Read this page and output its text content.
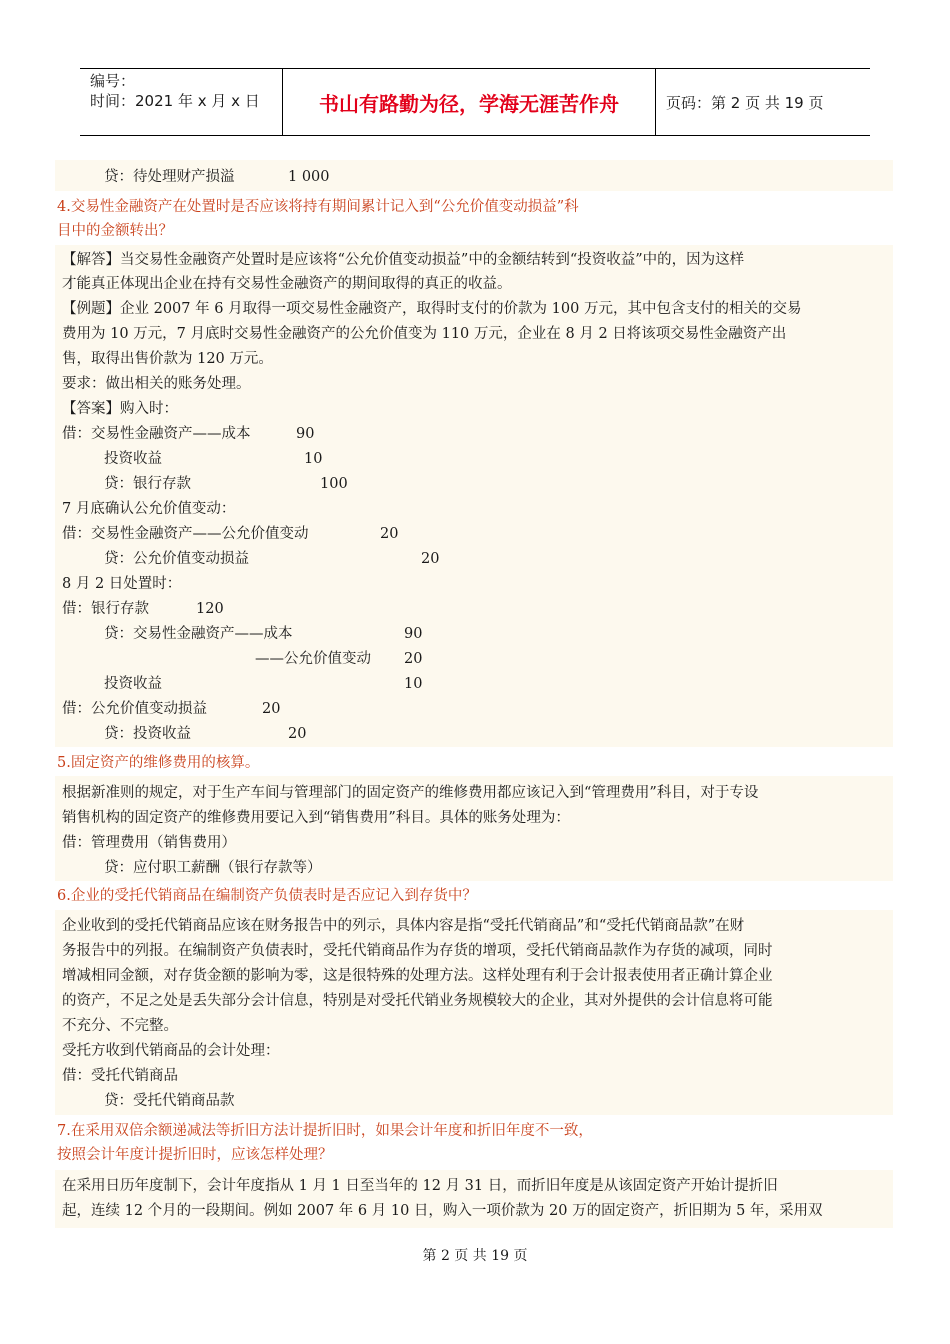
编号：
时间：2021 年 x 月 x 日	书山有路勤为径，学海无涯苦作舟	页码：第 2 页 共 19 页
贷：待处理财产损溢	1 000
4.交易性金融资产在处置时是否应该将持有期间累计记入到“公允价值变动损益”科
目中的金额转出？
【解答】当交易性金融资产处置时是应该将“公允价值变动损益”中的金额结转到“投资收益”中的，因为这样
才能真正体现出企业在持有交易性金融资产的期间取得的真正的收益。
【例题】企业 2007 年 6 月取得一项交易性金融资产，取得时支付的价款为 100 万元，其中包含支付的相关的交易
费用为 10 万元，7 月底时交易性金融资产的公允价值变为 110 万元，企业在 8 月 2 日将该项交易性金融资产出
售，取得出售价款为 120 万元。
要求：做出相关的账务处理。
【答案】购入时：
借：交易性金融资产——成本	90
投资收益	10
贷：银行存款	100
7 月底确认公允价值变动：
借：交易性金融资产——公允价值变动	20
贷：公允价值变动损益	20
8 月 2 日处置时：
借：银行存款	120
贷：交易性金融资产——成本	90
——公允价值变动 20
投资收益	10
借：公允价值变动损益	20
贷：投资收益	20
5.固定资产的维修费用的核算。
根据新准则的规定，对于生产车间与管理部门的固定资产的维修费用都应该记入到“管理费用”科目，对于专设
销售机构的固定资产的维修费用要记入到“销售费用”科目。具体的账务处理为：
借：管理费用（销售费用）
贷：应付职工薪酬（银行存款等）
6.企业的受托代销商品在编制资产负债表时是否应记入到存货中？
企业收到的受托代销商品应该在财务报告中的列示，具体内容是指“受托代销商品”和“受托代销商品款”在财
务报告中的列报。在编制资产负债表时，受托代销商品作为存货的增项，受托代销商品款作为存货的减项，同时
增减相同金额，对存货金额的影响为零，这是很特殊的处理方法。这样处理有利于会计报表使用者正确计算企业
的资产，不足之处是丢失部分会计信息，特别是对受托代销业务规模较大的企业，其对外提供的会计信息将可能
不充分、不完整。
受托方收到代销商品的会计处理：
借：受托代销商品
贷：受托代销商品款
7.在采用双倍余额递减法等折旧方法计提折旧时，如果会计年度和折旧年度不一致，
按照会计年度计提折旧时，应该怎样处理？
在采用日历年度制下，会计年度指从 1 月 1 日至当年的 12 月 31 日，而折旧年度是从该固定资产开始计提折旧
起，连续 12 个月的一段期间。例如 2007 年 6 月 10 日，购入一项价款为 20 万的固定资产，折旧期为 5 年，采用双
第 2 页 共 19 页
